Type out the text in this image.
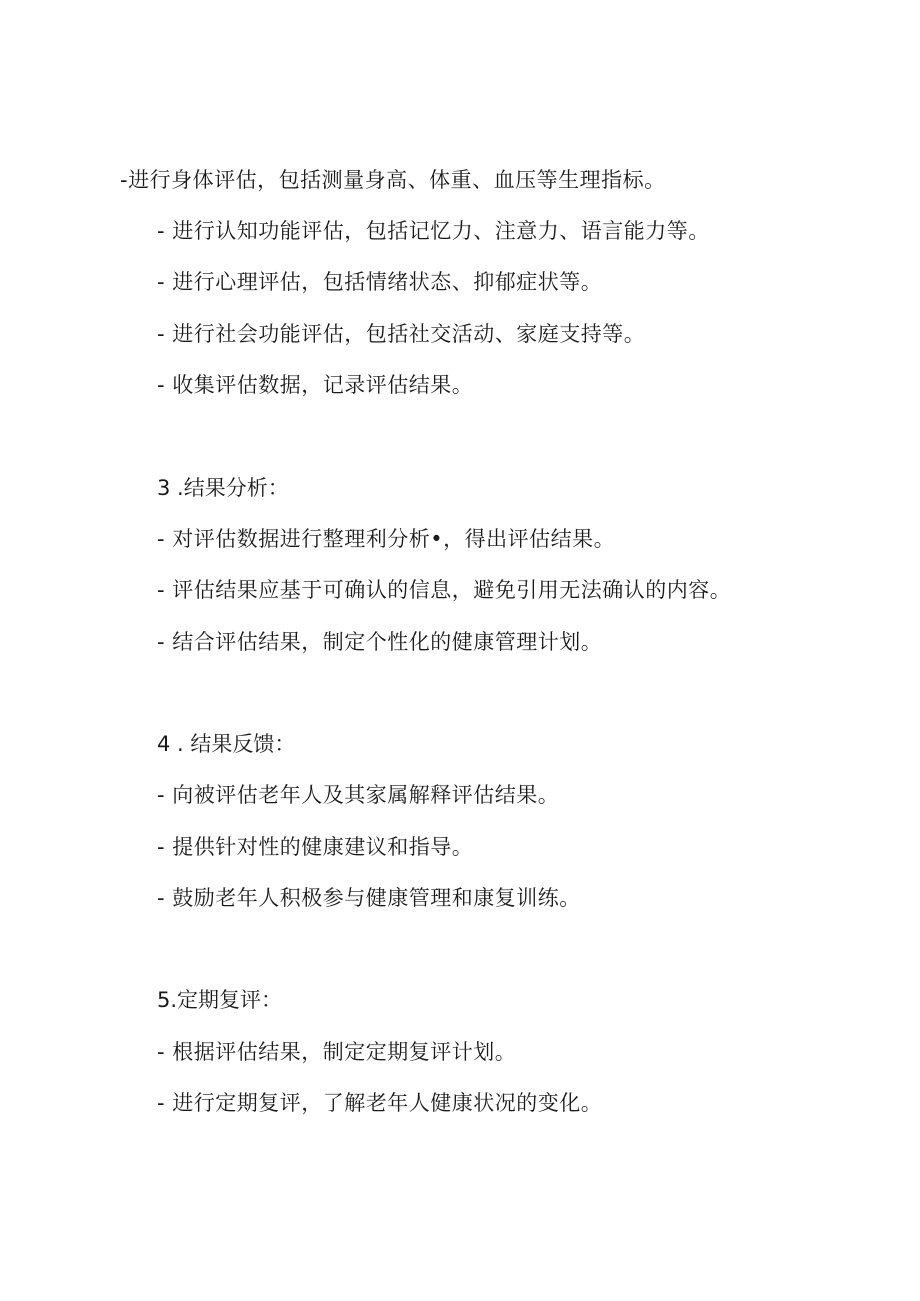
-进行身体评估，包括测量身高、体重、血压等生理指标。
- 进行认知功能评估，包括记忆力、注意力、语言能力等。
- 进行心理评估，包括情绪状态、抑郁症状等。
- 进行社会功能评估，包括社交活动、家庭支持等。
- 收集评估数据，记录评估结果。
3 .结果分析：
- 对评估数据进行整理利分析•，得出评估结果。
- 评估结果应基于可确认的信息，避免引用无法确认的内容。
- 结合评估结果，制定个性化的健康管理计划。
4 . 结果反馈：
- 向被评估老年人及其家属解释评估结果。
- 提供针对性的健康建议和指导。
- 鼓励老年人积极参与健康管理和康复训练。
5.定期复评：
- 根据评估结果，制定定期复评计划。
- 进行定期复评，了解老年人健康状况的变化。
